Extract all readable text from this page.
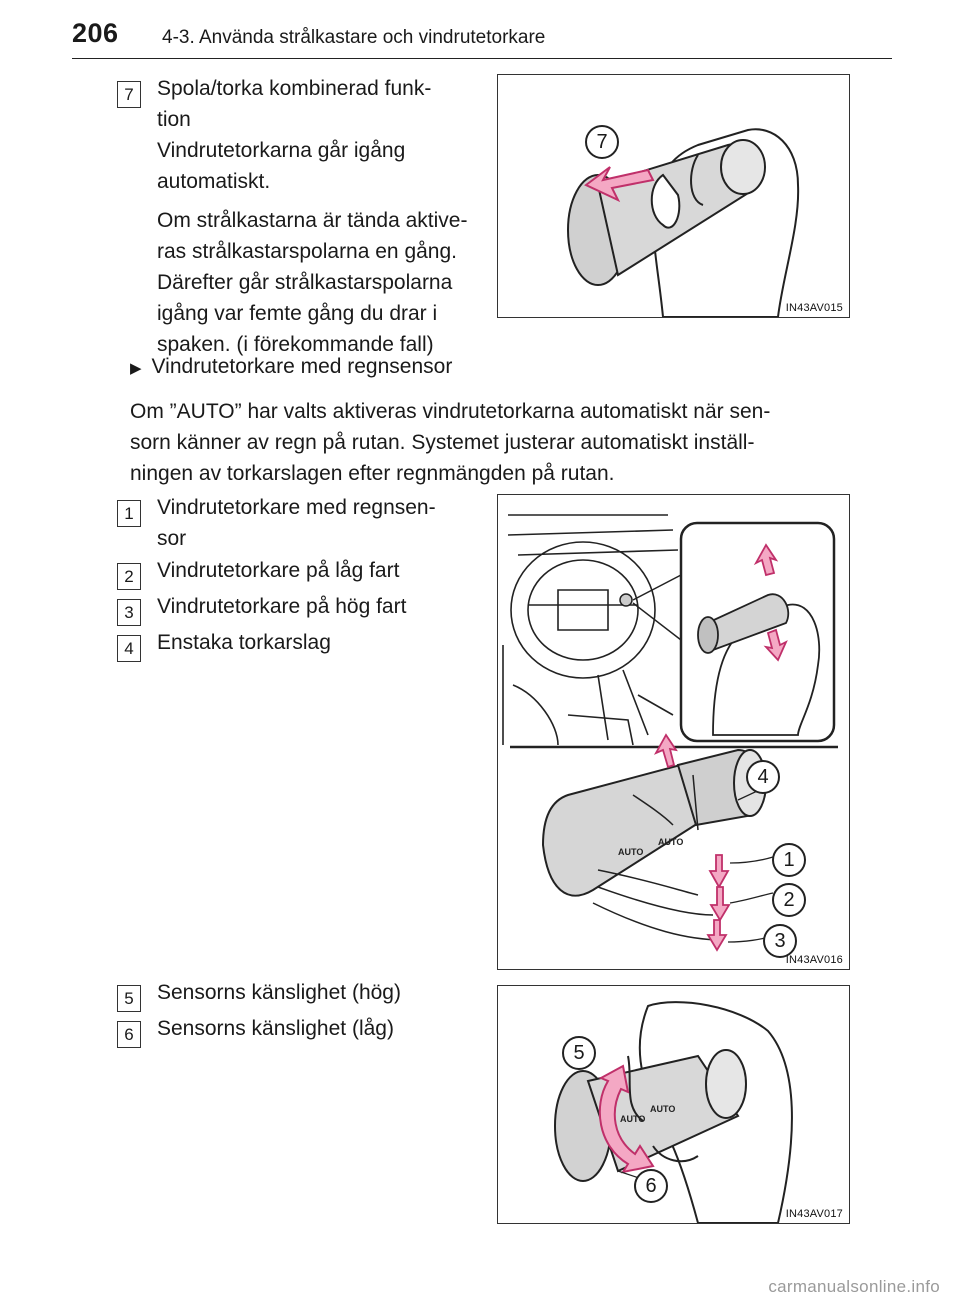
206 4-3. Använda strålkastare och vindrutetorkare
7	Spola/torka kombinerad funk-
tion
Vindrutetorkarna går igång
automatiskt.
Om strålkastarna är tända aktive-
ras strålkastarspolarna en gång.
Därefter går strålkastarspolarna
igång var femte gång du drar i
spaken. (i förekommande fall)
7
IN43AV015
▶ Vindrutetorkare med regnsensor
Om ”AUTO” har valts aktiveras vindrutetorkarna automatiskt när sen-
sorn känner av regn på rutan. Systemet justerar automatiskt inställ-
ningen av torkarslagen efter regnmängden på rutan.
1	Vindrutetorkare med regnsen-
sor
2	Vindrutetorkare på låg fart
3	Vindrutetorkare på hög fart
4	Enstaka torkarslag
AUTO
AUTO
4
1
2
3
IN43AV016
5	Sensorns känslighet (hög)
6	Sensorns känslighet (låg)
AUTO
AUTO
5
6
IN43AV017
carmanualsonline.info
